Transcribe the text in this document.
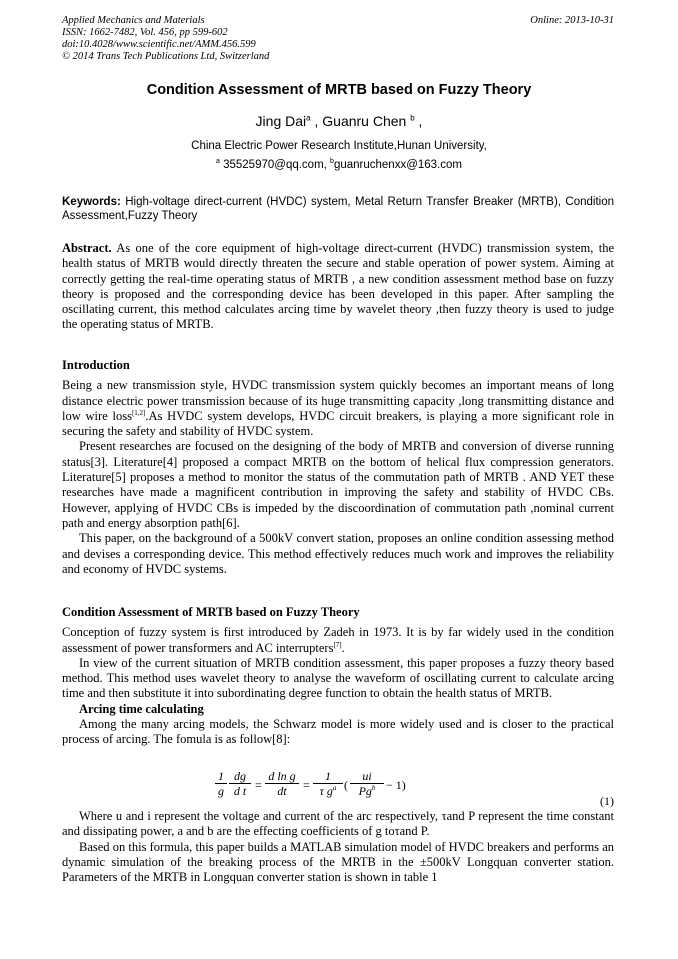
Applied Mechanics and Materials
ISSN: 1662-7482, Vol. 456, pp 599-602
doi:10.4028/www.scientific.net/AMM.456.599
© 2014 Trans Tech Publications Ltd, Switzerland
Online: 2013-10-31
Condition Assessment of MRTB based on Fuzzy Theory
Jing Dai$^a$ , Guanru Chen $^b$ ,
China Electric Power Research Institute,Hunan University,
$^a$ 35525970@qq.com, $^b$guanruchenxx@163.com
Keywords: High-voltage direct-current (HVDC) system, Metal Return Transfer Breaker (MRTB), Condition Assessment,Fuzzy Theory

Abstract. As one of the core equipment of high-voltage direct-current (HVDC) transmission system, the health status of MRTB would directly threaten the secure and stable operation of power system. Aiming at correctly getting the real-time operating status of MRTB , a new condition assessment method base on fuzzy theory is proposed and the corresponding device has been developed in this paper. After sampling the oscillating current, this method calculates arcing time by wavelet theory ,then fuzzy theory is used to judge the operating status of MRTB.

Introduction

Being a new transmission style, HVDC transmission system quickly becomes an important means of long distance electric power transmission because of its huge transmitting capacity ,long transmitting distance and low wire loss[1,2].As HVDC system develops, HVDC circuit breakers, is playing a more significant role in securing the safety and stability of HVDC system.

Present researches are focused on the designing of the body of MRTB and conversion of diverse running status[3]. Literature[4] proposed a compact MRTB on the bottom of helical flux compression generators. Literature[5] proposes a method to monitor the status of the commutation path of MRTB . AND YET these researches have made a magnificent contribution in improving the safety and stability of HVDC CBs. However, applying of HVDC CBs is impeded by the discoordination of commutation path ,nominal current path and energy absorption path[6].

This paper, on the background of a 500kV convert station, proposes an online condition assessing method and devises a corresponding device. This method effectively reduces much work and improves the reliability and economy of HVDC systems.

Condition Assessment of MRTB based on Fuzzy Theory

Conception of fuzzy system is first introduced by Zadeh in 1973. It is by far widely used in the condition assessment of power transformers and AC interrupters[7].

In view of the current situation of MRTB condition assessment, this paper proposes a fuzzy theory based method. This method uses wavelet theory to analyse the waveform of oscillating current to calculate arcing time and then substitute it into subordinating degree function to obtain the health status of MRTB.

Arcing time calculating

Among the many arcing models, the Schwarz model is more widely used and is closer to the practical process of arcing. The fomula is as follow[8]:

$\frac{1}{g} \frac{dg}{\text{d t}} = \frac{\text{d ln g}}{dt} = \frac{1}{\tau g^a}$ (
ui
$Pg^b - 1$)
(1)

Where u and i represent the voltage and current of the arc respectively, τand P represent the time constant and dissipating power, a and b are the effecting coefficients of g toτand P.

Based on this formula, this paper builds a MATLAB simulation model of HVDC breakers and performs an dynamic simulation of the breaking process of the MRTB in the ±500kV Longquan converter station. Parameters of the MRTB in Longquan converter station is shown in table 1
